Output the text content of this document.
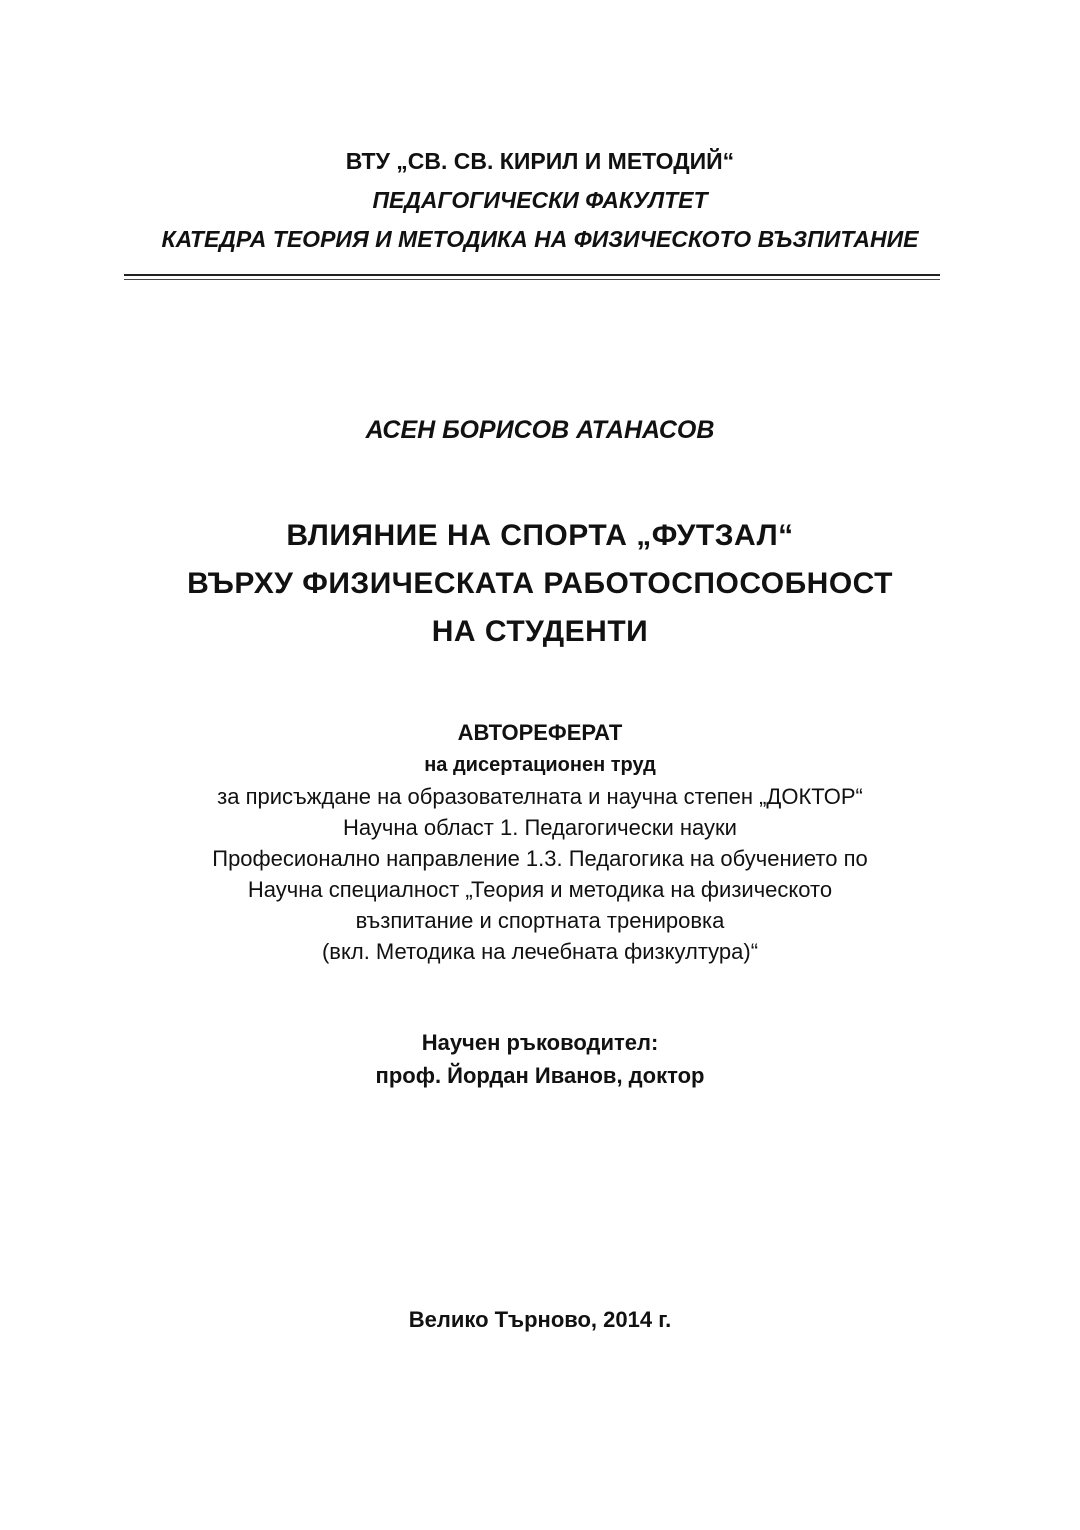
ВТУ „СВ. СВ. КИРИЛ И МЕТОДИЙ“
ПЕДАГОГИЧЕСКИ ФАКУЛТЕТ
КАТЕДРА ТЕОРИЯ И МЕТОДИКА НА ФИЗИЧЕСКОТО ВЪЗПИТАНИЕ
АСЕН БОРИСОВ АТАНАСОВ
ВЛИЯНИЕ НА СПОРТА „ФУТЗАЛ“
ВЪРХУ ФИЗИЧЕСКАТА РАБОТОСПОСОБНОСТ
НА СТУДЕНТИ
АВТОРЕФЕРАТ
на дисертационен труд
за присъждане на образователната и научна степен „ДОКТОР“
Научна област 1. Педагогически науки
Професионално направление 1.3. Педагогика на обучението по
Научна специалност „Теория и методика на физическото
възпитание и спортната тренировка
(вкл. Методика на лечебната физкултура)“
Научен ръководител:
проф. Йордан Иванов, доктор
Велико Търново, 2014 г.
